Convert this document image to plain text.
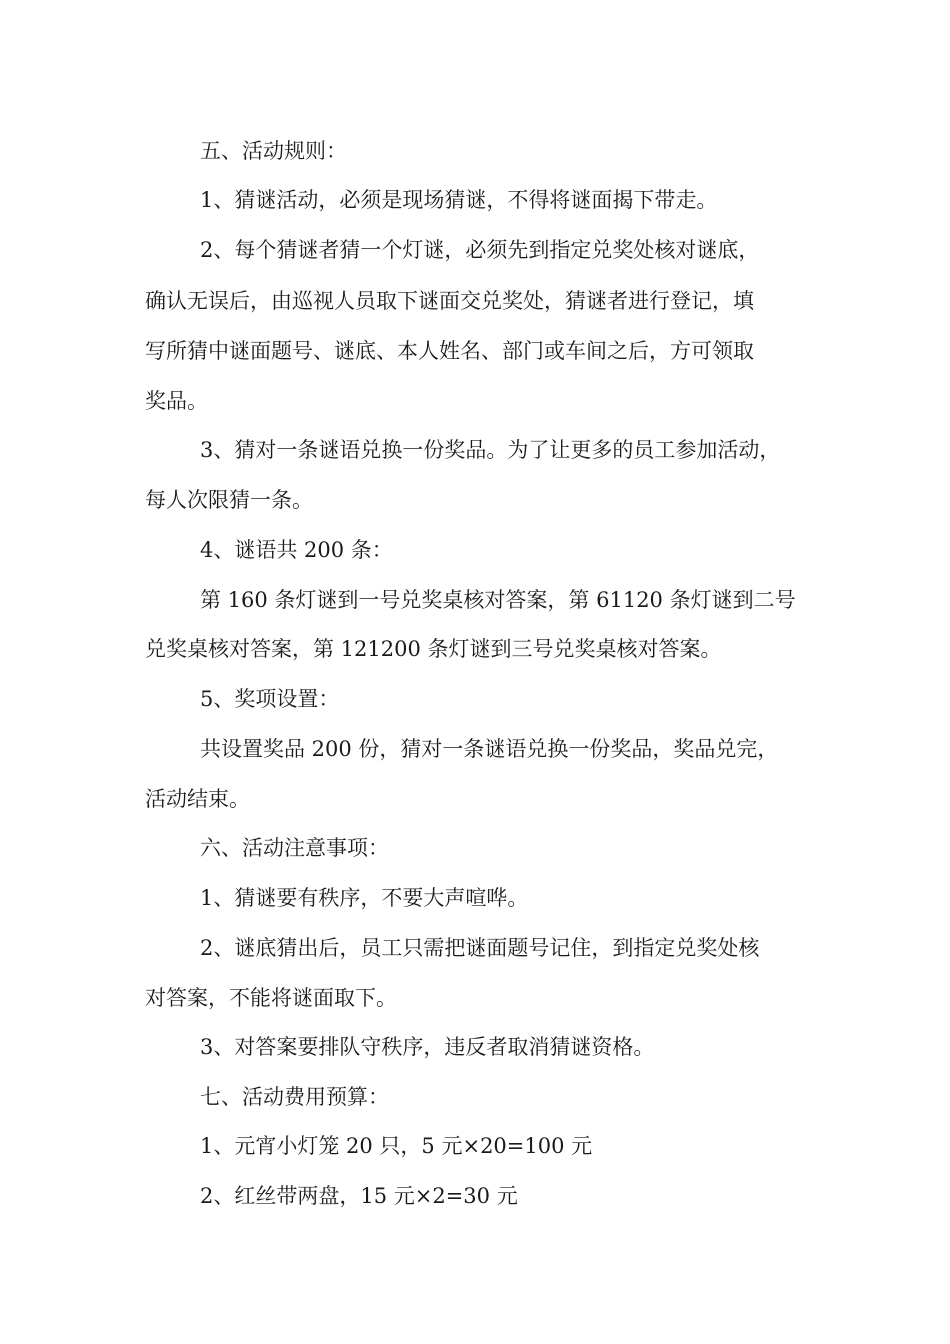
五、活动规则：

1、猜谜活动，必须是现场猜谜，不得将谜面揭下带走。

2、每个猜谜者猜一个灯谜，必须先到指定兑奖处核对谜底，

确认无误后，由巡视人员取下谜面交兑奖处，猜谜者进行登记，填

写所猜中谜面题号、谜底、本人姓名、部门或车间之后，方可领取

奖品。

3、猜对一条谜语兑换一份奖品。为了让更多的员工参加活动，

每人次限猜一条。

4、谜语共 200 条：

第 160 条灯谜到一号兑奖桌核对答案，第 61120 条灯谜到二号

兑奖桌核对答案，第 121200 条灯谜到三号兑奖桌核对答案。

5、奖项设置：

共设置奖品 200 份，猜对一条谜语兑换一份奖品，奖品兑完，

活动结束。

六、活动注意事项：

1、猜谜要有秩序，不要大声喧哗。

2、谜底猜出后，员工只需把谜面题号记住，到指定兑奖处核

对答案，不能将谜面取下。

3、对答案要排队守秩序，违反者取消猜谜资格。

七、活动费用预算：

1、元宵小灯笼 20 只，5 元×20=100 元

2、红丝带两盘，15 元×2=30 元
